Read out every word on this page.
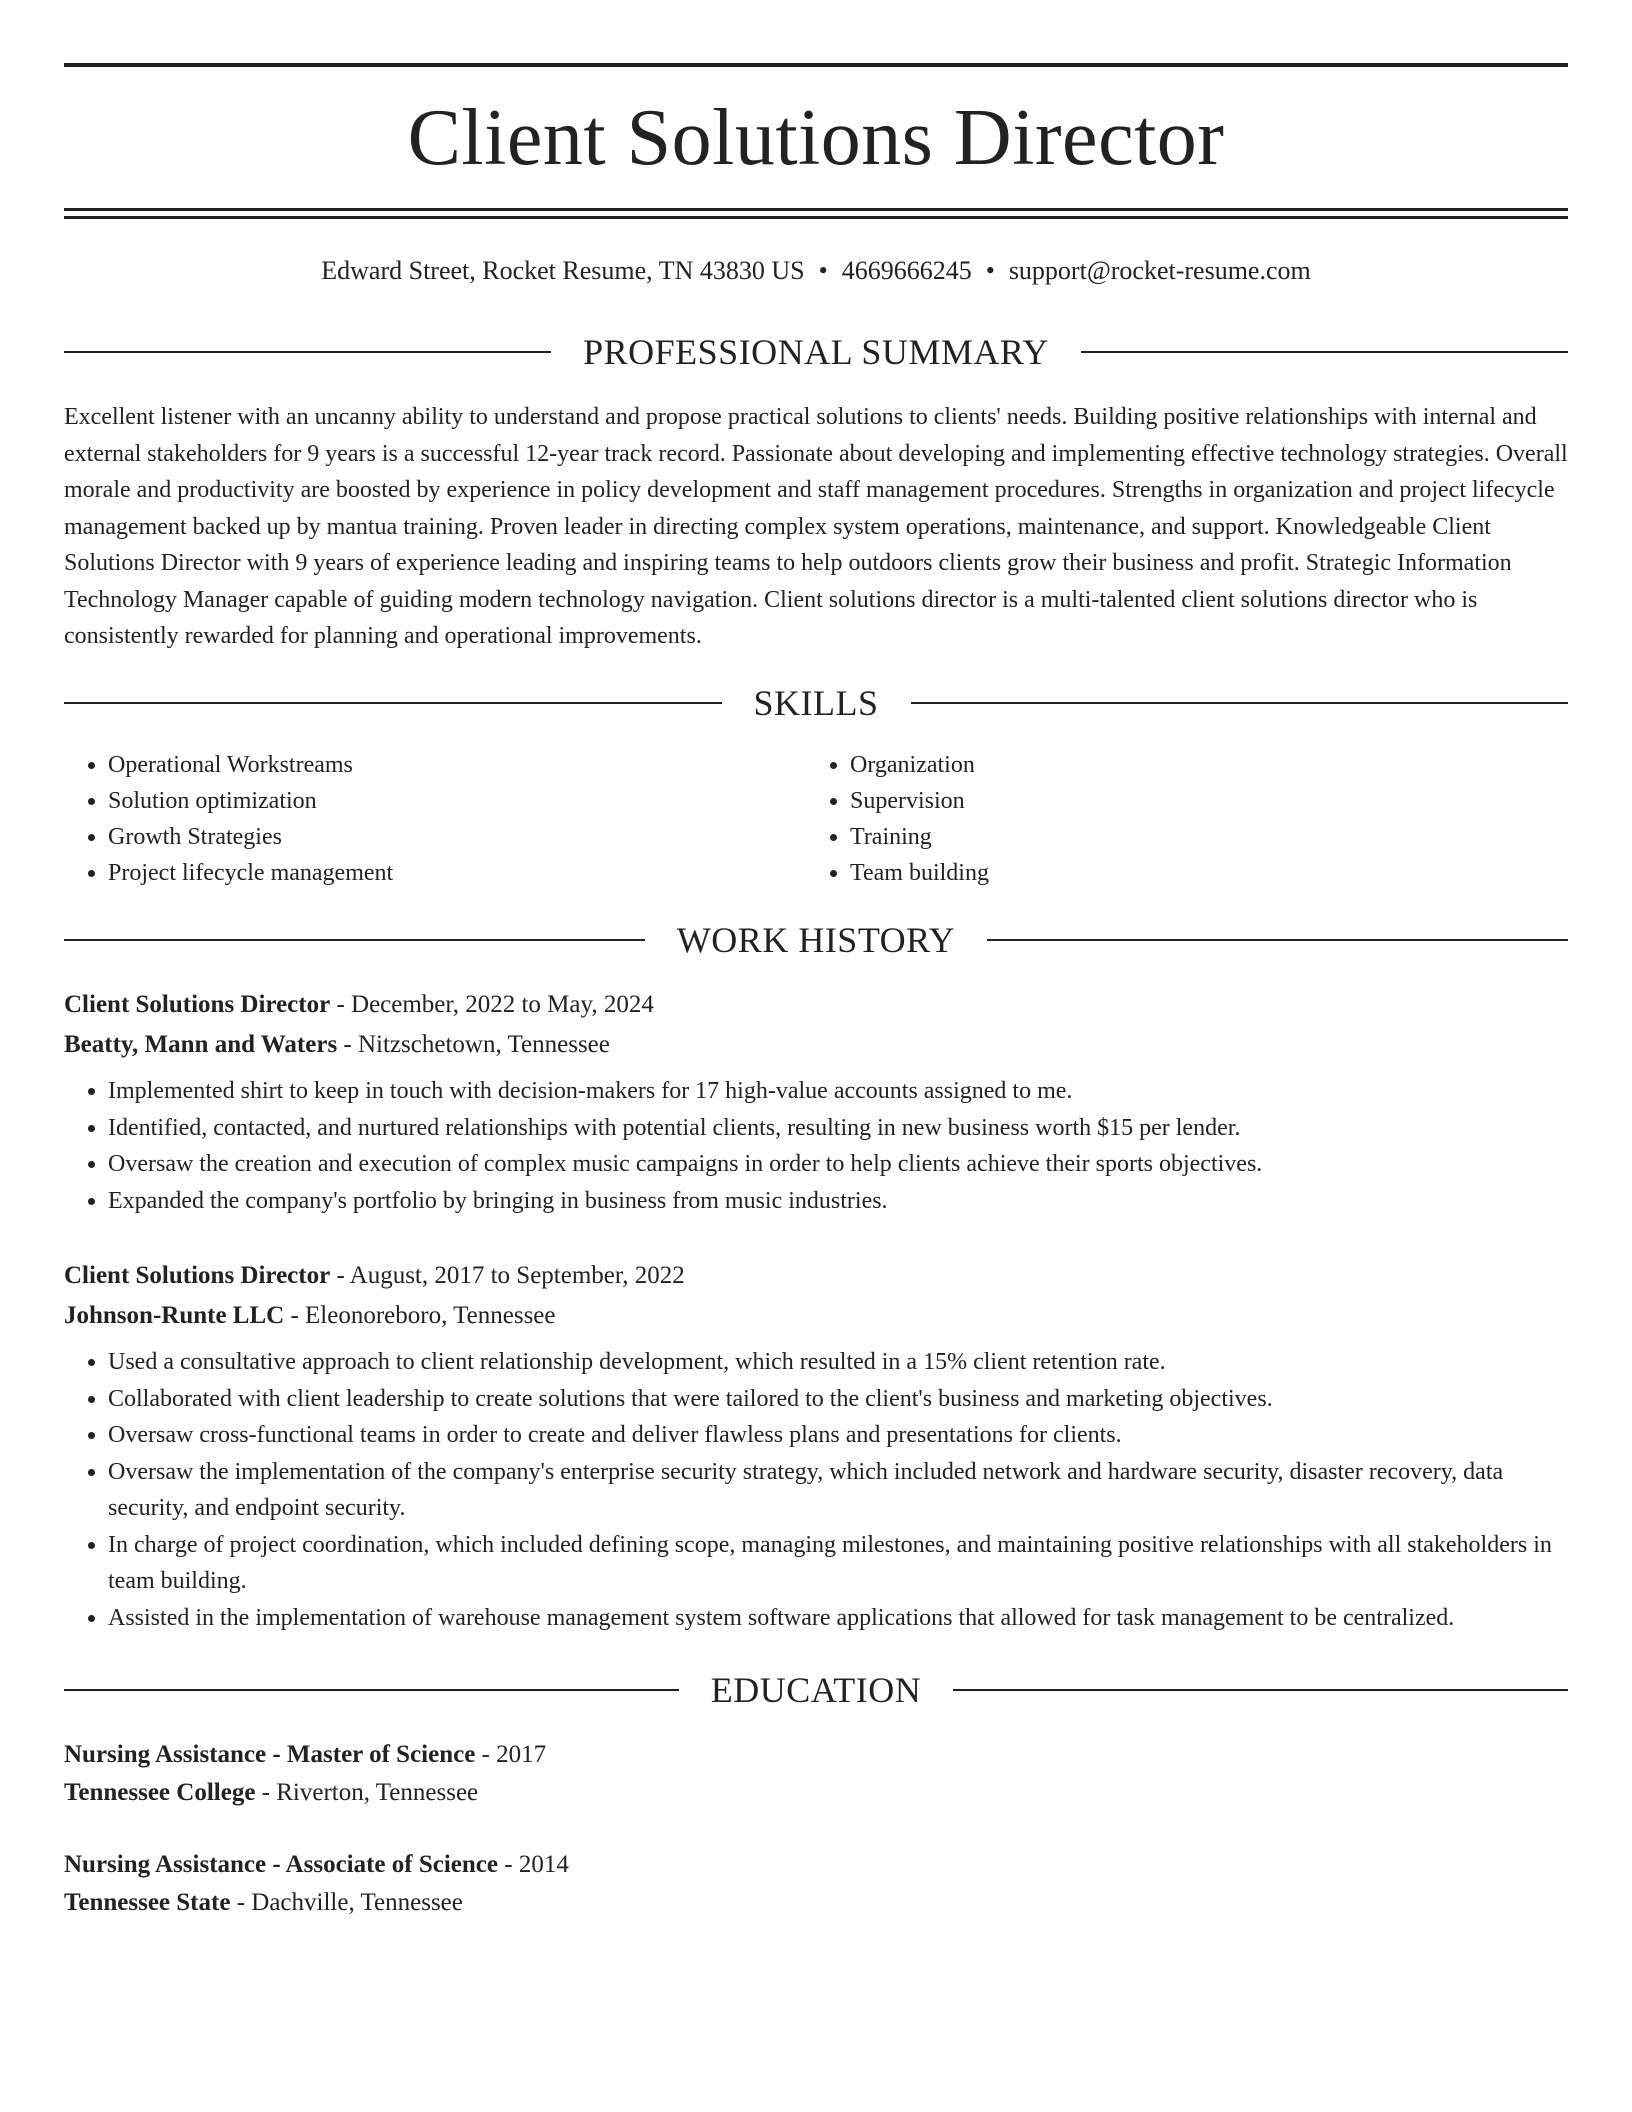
Client Solutions Director
Edward Street, Rocket Resume, TN 43830 US • 4669666245 • support@rocket-resume.com
PROFESSIONAL SUMMARY

Excellent listener with an uncanny ability to understand and propose practical solutions to clients' needs. Building positive relationships with internal and external stakeholders for 9 years is a successful 12-year track record. Passionate about developing and implementing effective technology strategies. Overall morale and productivity are boosted by experience in policy development and staff management procedures. Strengths in organization and project lifecycle management backed up by mantua training. Proven leader in directing complex system operations, maintenance, and support. Knowledgeable Client Solutions Director with 9 years of experience leading and inspiring teams to help outdoors clients grow their business and profit. Strategic Information Technology Manager capable of guiding modern technology navigation. Client solutions director is a multi-talented client solutions director who is consistently rewarded for planning and operational improvements.

SKILLS
• Operational Workstreams
• Solution optimization
• Growth Strategies
• Project lifecycle management
• Organization
• Supervision
• Training
• Team building
WORK HISTORY

Client Solutions Director - December, 2022 to May, 2024

Beatty, Mann and Waters - Nitzschetown, Tennessee

• Implemented shirt to keep in touch with decision-makers for 17 high-value accounts assigned to me.
• Identified, contacted, and nurtured relationships with potential clients, resulting in new business worth $15 per lender.
• Oversaw the creation and execution of complex music campaigns in order to help clients achieve their sports objectives.
• Expanded the company's portfolio by bringing in business from music industries.

Client Solutions Director - August, 2017 to September, 2022

Johnson-Runte LLC - Eleonoreboro, Tennessee

• Used a consultative approach to client relationship development, which resulted in a 15% client retention rate.
• Collaborated with client leadership to create solutions that were tailored to the client's business and marketing objectives.
• Oversaw cross-functional teams in order to create and deliver flawless plans and presentations for clients.
• Oversaw the implementation of the company's enterprise security strategy, which included network and hardware security, disaster recovery, data security, and endpoint security.
• In charge of project coordination, which included defining scope, managing milestones, and maintaining positive relationships with all stakeholders in team building.
• Assisted in the implementation of warehouse management system software applications that allowed for task management to be centralized.
EDUCATION

Nursing Assistance - Master of Science - 2017

Tennessee College - Riverton, Tennessee

Nursing Assistance - Associate of Science - 2014

Tennessee State - Dachville, Tennessee
